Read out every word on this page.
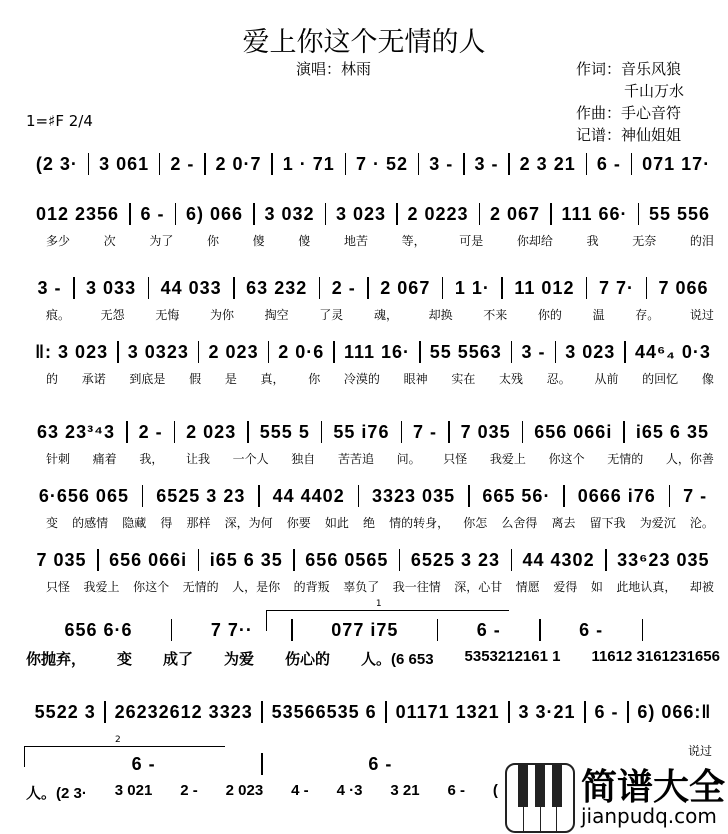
爱上你这个无情的人
演唱：林雨	作词：音乐风狼
千山万水
作曲：手心音符
记谱：神仙姐姐
1=♯F 2/4
(2 3·	3 061	2 -	2 0·7	1 · 71	7 · 52	3 -	3 -	2 3 21	6 -	071 17·
012 2356	6 -	6) 066	3 032	3 023	2 0223	2 067	111 66·	55 556
多少	次	为了	你	傻	傻	地苦	等，	可是	你却给	我	无奈	的泪
3 -	3 033	44 033	63 232	2 -	2 067	1 1·	11 012	7 7·	7 066
痕。	无怨	无悔	为你	掏空	了灵	魂，	却换	不来	你的	温	存。	说过
‖: 3 023	3 0323	2 023	2 0·6	111 16·	55 5563	3 -	3 023	44⁶₄ 0·3
的 承诺 到底是 假 是 真， 你 冷漠的 眼神 实在 太残 忍。 从前 的回忆 像
63 23³⁴3	2 -	2 023	555 5	55 i76	7 -	7 035	656 066i	i65 6 35
针刺 痛着 我， 让我 一个人 独自 苦苦追 问。 只怪 我爱上 你这个 无情的 人，你善
6·656 065	6525 3 23	44 4402	3323 035	665 56·	0666 i76	7 -
变 的感情 隐藏 得 那样 深，为何 你要 如此 绝 情的转身， 你怎 么舍得 离去 留下我 为爱沉 沦。
7 035	656 066i	i65 6 35	656 0565	6525 3 23	44 4302	33⁶23 035
只怪 我爱上 你这个 无情的 人，是你 的背叛 辜负了 我一往情 深，心甘 情愿 爱得 如 此地认真， 却被
656 6·6	7 7··	077 i75	6 -	6 -
你抛弃， 变 成了 为爱 伤心的 人。(6 653 5353212161 1 11612 3161231656
1
5522 3	26232612 3323	53566535 6	01171 1321	3 3·21	6 -	6) 066:‖
说过
6 -	6 -
人。(2 3· 3 021 2 - 2 023 4 - 4 ·3 3 21 6 - (
2
简谱大全
jianpudq.com
